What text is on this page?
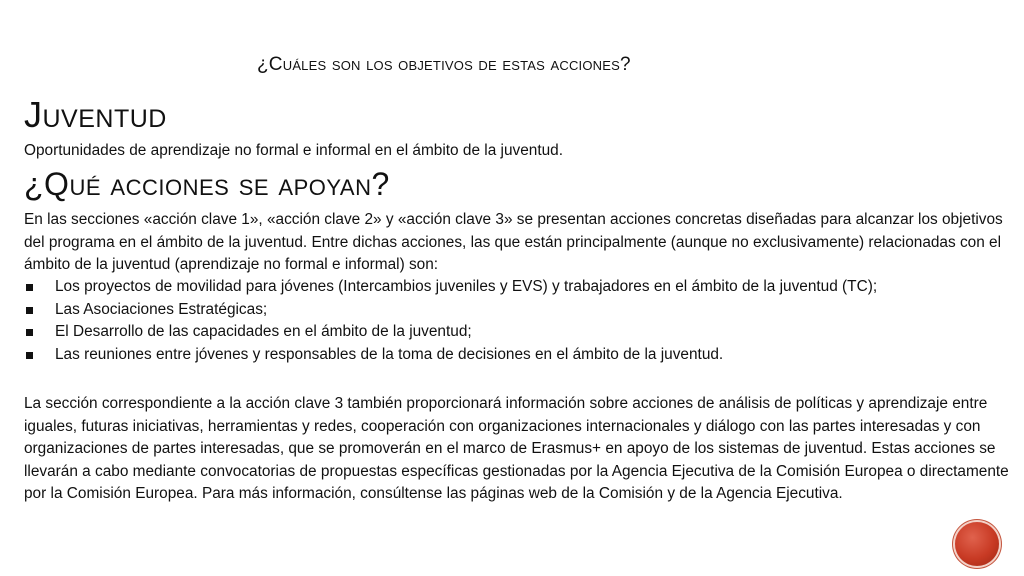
¿Cuáles son los objetivos de estas acciones?
Juventud

Oportunidades de aprendizaje no formal e informal en el ámbito de la juventud.

¿Qué acciones se apoyan?

En las secciones «acción clave 1», «acción clave 2» y «acción clave 3» se presentan acciones concretas diseñadas para alcanzar los objetivos del programa en el ámbito de la juventud. Entre dichas acciones, las que están principalmente (aunque no exclusivamente) relacionadas con el ámbito de la juventud (aprendizaje no formal e informal) son:

Los proyectos de movilidad para jóvenes (Intercambios juveniles y EVS) y trabajadores en el ámbito de la juventud (TC);
Las Asociaciones Estratégicas;
El Desarrollo de las capacidades en el ámbito de la juventud;
Las reuniones entre jóvenes y responsables de la toma de decisiones en el ámbito de la juventud.

La sección correspondiente a la acción clave 3 también proporcionará información sobre acciones de análisis de políticas y aprendizaje entre iguales, futuras iniciativas, herramientas y redes, cooperación con organizaciones internacionales y diálogo con las partes interesadas y con organizaciones de partes interesadas, que se promoverán en el marco de Erasmus+ en apoyo de los sistemas de juventud. Estas acciones se llevarán a cabo mediante convocatorias de propuestas específicas gestionadas por la Agencia Ejecutiva de la Comisión Europea o directamente por la Comisión Europea. Para más información, consúltense las páginas web de la Comisión y de la Agencia Ejecutiva.
